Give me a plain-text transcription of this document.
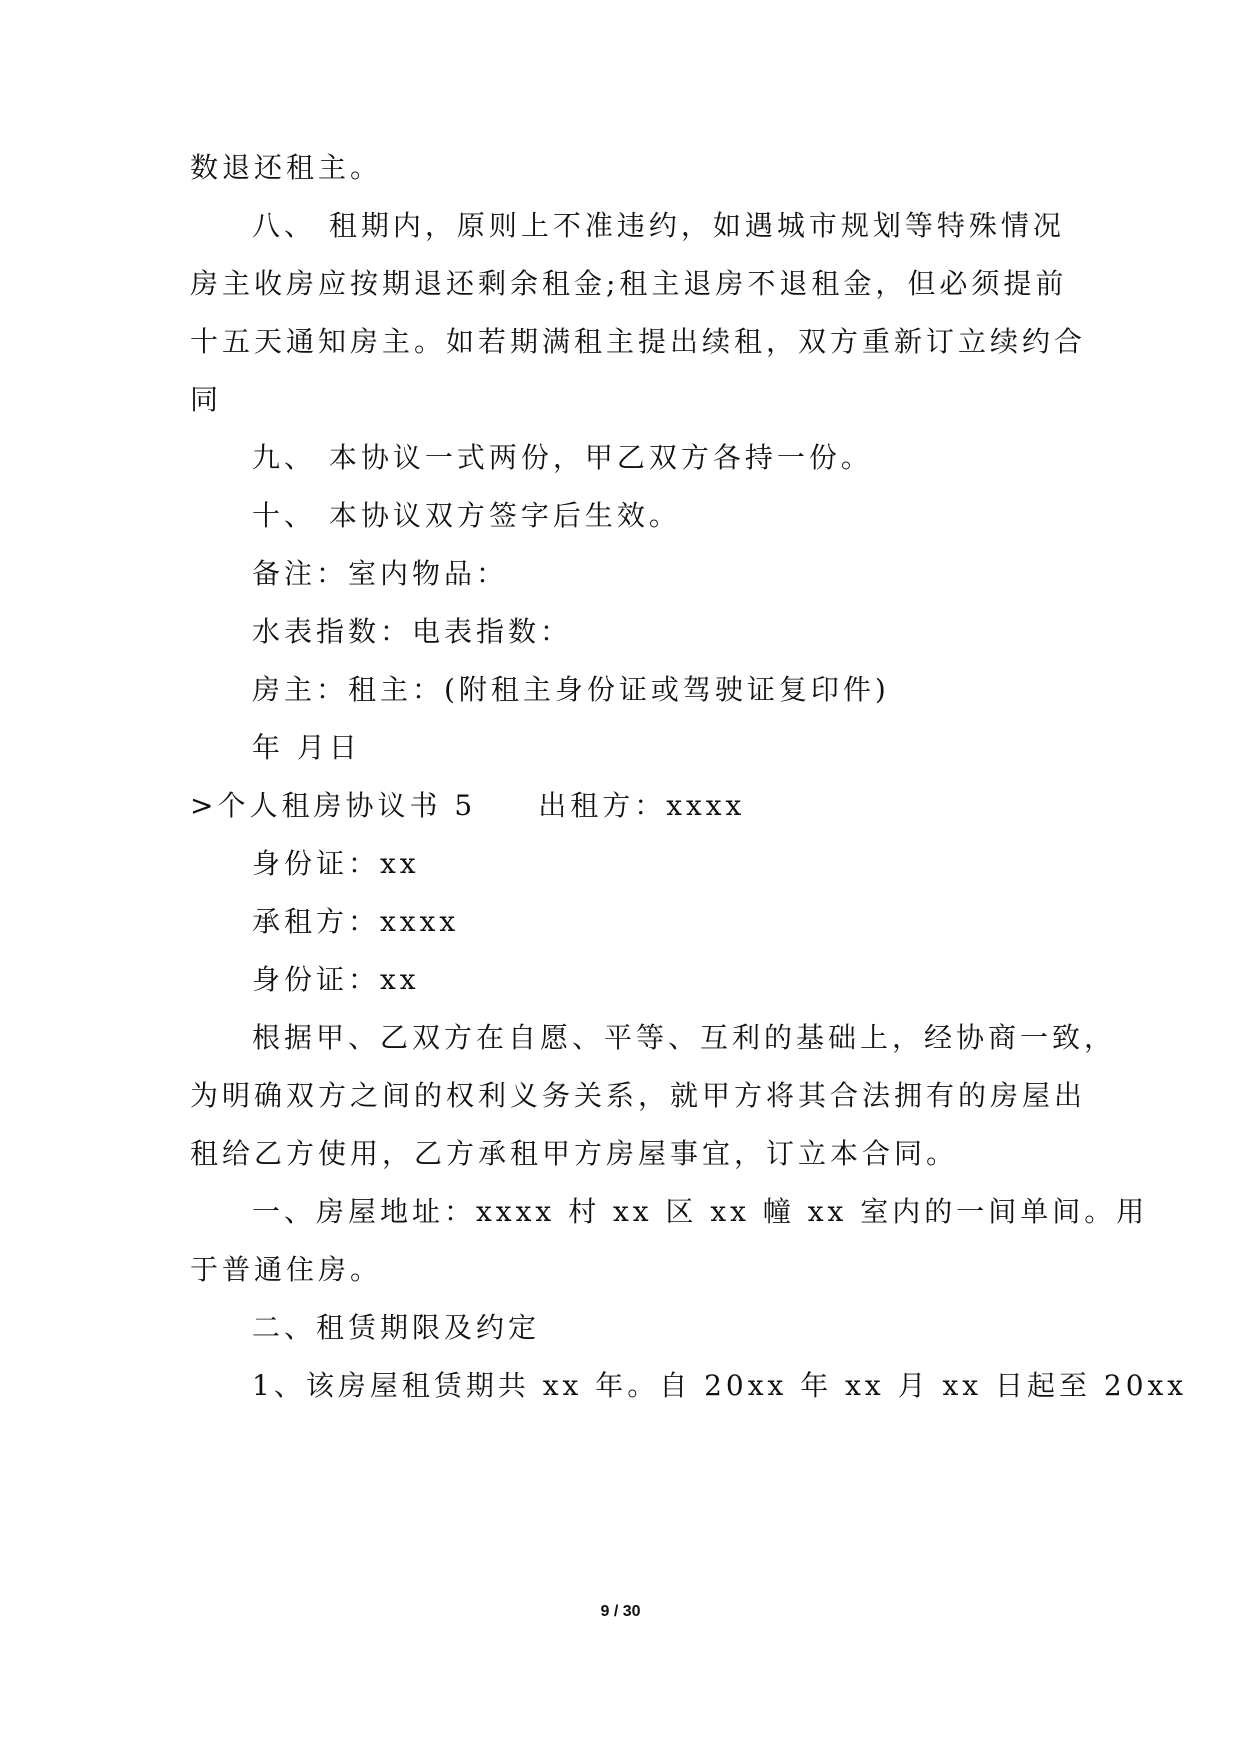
数退还租主。
八、 租期内，原则上不准违约，如遇城市规划等特殊情况
房主收房应按期退还剩余租金;租主退房不退租金，但必须提前
十五天通知房主。如若期满租主提出续租，双方重新订立续约合
同
九、 本协议一式两份，甲乙双方各持一份。
十、 本协议双方签字后生效。
备注：室内物品：
水表指数：电表指数：
房主：租主：(附租主身份证或驾驶证复印件)
年 月日
>个人租房协议书 5 出租方：xxxx
身份证：xx
承租方：xxxx
身份证：xx
根据甲、乙双方在自愿、平等、互利的基础上，经协商一致，
为明确双方之间的权利义务关系，就甲方将其合法拥有的房屋出
租给乙方使用，乙方承租甲方房屋事宜，订立本合同。
一、房屋地址：xxxx 村 xx 区 xx 幢 xx 室内的一间单间。用
于普通住房。
二、租赁期限及约定
1、该房屋租赁期共 xx 年。自 20xx 年 xx 月 xx 日起至 20xx
9 / 30
